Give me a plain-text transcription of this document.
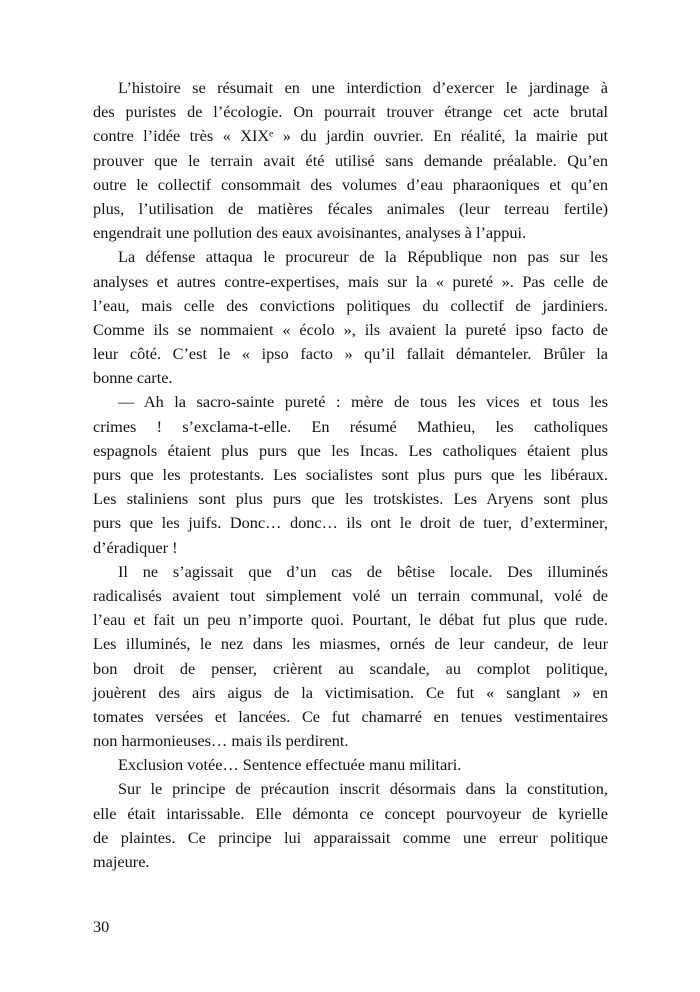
L’histoire se résumait en une interdiction d’exercer le jardinage à
des puristes de l’écologie. On pourrait trouver étrange cet acte brutal
contre l’idée très « XIXᵉ » du jardin ouvrier. En réalité, la mairie put
prouver que le terrain avait été utilisé sans demande préalable. Qu’en
outre le collectif consommait des volumes d’eau pharaoniques et qu’en
plus, l’utilisation de matières fécales animales (leur terreau fertile)
engendrait une pollution des eaux avoisinantes, analyses à l’appui.
La défense attaqua le procureur de la République non pas sur les
analyses et autres contre-expertises, mais sur la « pureté ». Pas celle de
l’eau, mais celle des convictions politiques du collectif de jardiniers.
Comme ils se nommaient « écolo », ils avaient la pureté ipso facto de
leur côté. C’est le « ipso facto » qu’il fallait démanteler. Brûler la
bonne carte.
— Ah la sacro-sainte pureté : mère de tous les vices et tous les
crimes ! s’exclama-t-elle. En résumé Mathieu, les catholiques
espagnols étaient plus purs que les Incas. Les catholiques étaient plus
purs que les protestants. Les socialistes sont plus purs que les libéraux.
Les staliniens sont plus purs que les trotskistes. Les Aryens sont plus
purs que les juifs. Donc… donc… ils ont le droit de tuer, d’exterminer,
d’éradiquer !
Il ne s’agissait que d’un cas de bêtise locale. Des illuminés
radicalisés avaient tout simplement volé un terrain communal, volé de
l’eau et fait un peu n’importe quoi. Pourtant, le débat fut plus que rude.
Les illuminés, le nez dans les miasmes, ornés de leur candeur, de leur
bon droit de penser, crièrent au scandale, au complot politique,
jouèrent des airs aigus de la victimisation. Ce fut « sanglant » en
tomates versées et lancées. Ce fut chamarré en tenues vestimentaires
non harmonieuses… mais ils perdirent.
Exclusion votée… Sentence effectuée manu militari.
Sur le principe de précaution inscrit désormais dans la constitution,
elle était intarissable. Elle démonta ce concept pourvoyeur de kyrielle
de plaintes. Ce principe lui apparaissait comme une erreur politique
majeure.
30
